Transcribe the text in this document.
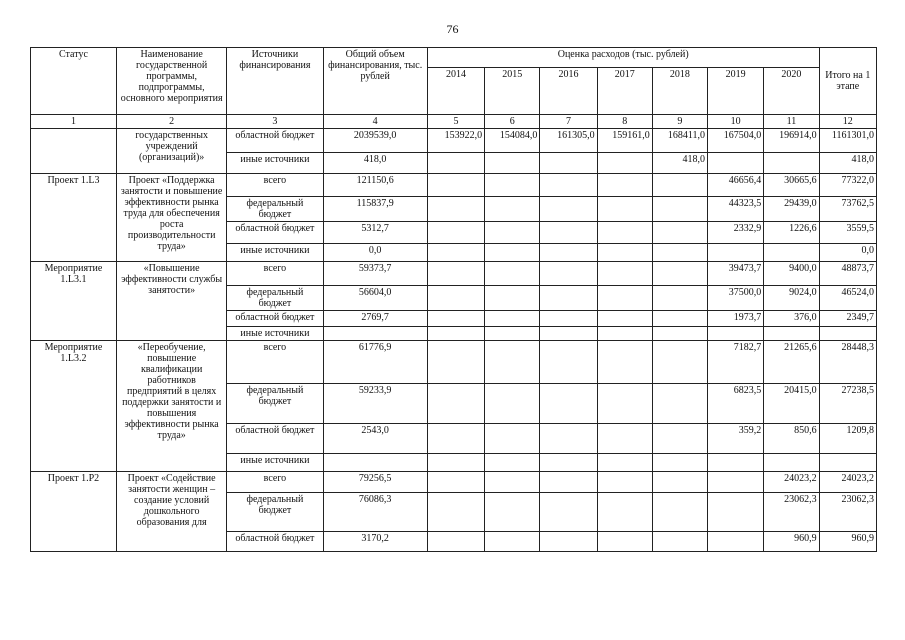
76
Статус	Наименование государственной программы, подпрограммы, основного мероприятия	Источники финансирования	Общий объем финансирования, тыс. рублей	Оценка расходов (тыс. рублей)							Итого на 1 этапе
				2014	2015	2016	2017	2018	2019	2020	
1	2	3	4	5	6	7	8	9	10	11	12
	государственных учреждений (организаций)»	областной бюджет	2039539,0	153922,0	154084,0	161305,0	159161,0	168411,0	167504,0	196914,0	1161301,0
		иные источники	418,0					418,0			418,0
Проект 1.L3	Проект «Поддержка занятости и повышение эффективности рынка труда для обеспечения роста производительности труда»	всего	121150,6						46656,4	30665,6	77322,0
		федеральный бюджет	115837,9						44323,5	29439,0	73762,5
		областной бюджет	5312,7						2332,9	1226,6	3559,5
		иные источники	0,0								0,0
Мероприятие 1.L3.1	«Повышение эффективности службы занятости»	всего	59373,7						39473,7	9400,0	48873,7
		федеральный бюджет	56604,0						37500,0	9024,0	46524,0
		областной бюджет	2769,7						1973,7	376,0	2349,7
		иные источники									
Мероприятие 1.L3.2	«Переобучение, повышение квалификации работников предприятий в целях поддержки занятости и повышения эффективности рынка труда»	всего	61776,9						7182,7	21265,6	28448,3
		федеральный бюджет	59233,9						6823,5	20415,0	27238,5
		областной бюджет	2543,0						359,2	850,6	1209,8
		иные источники									
Проект 1.P2	Проект «Содействие занятости женщин – создание условий дошкольного образования для	всего	79256,5							24023,2	24023,2
		федеральный бюджет	76086,3							23062,3	23062,3
		областной бюджет	3170,2							960,9	960,9
